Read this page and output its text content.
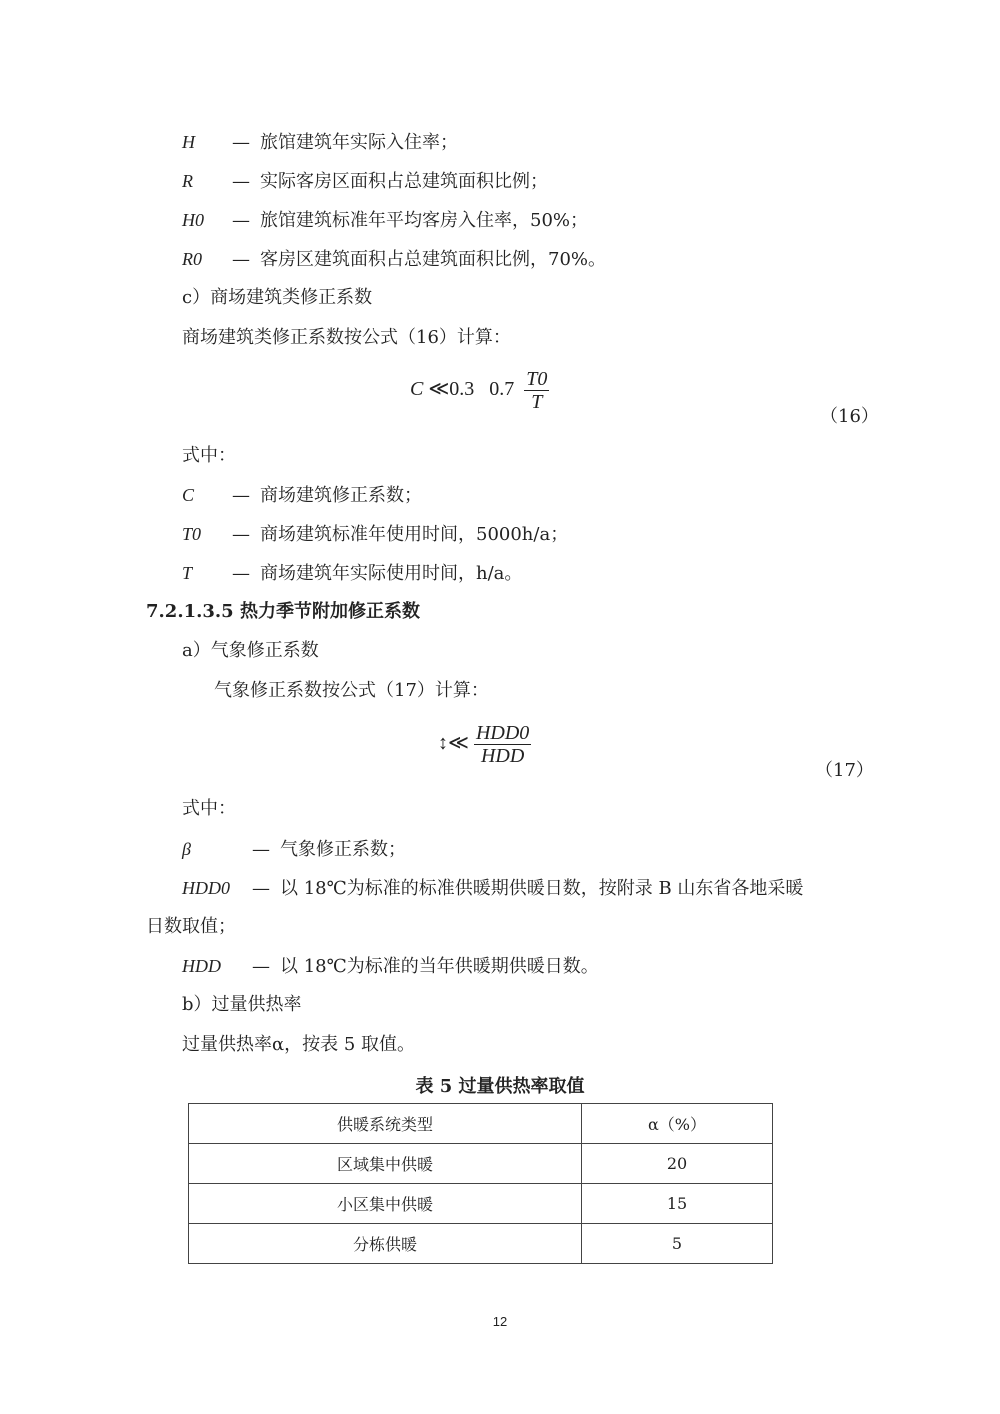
H — 旅馆建筑年实际入住率；
R — 实际客房区面积占总建筑面积比例；
H0 — 旅馆建筑标准年平均客房入住率，50%；
R0 — 客房区建筑面积占总建筑面积比例，70%。
c）商场建筑类修正系数
商场建筑类修正系数按公式（16）计算：
C ≪0.3 $0.7 \frac{T0}{T}$
（16）
式中：
C — 商场建筑修正系数；
T0 — 商场建筑标准年使用时间，5000h/a；
T — 商场建筑年实际使用时间，h/a。
7.2.1.3.5 热力季节附加修正系数
a）气象修正系数
气象修正系数按公式（17）计算：
↕≪ $\frac{\text{HDD0}}{\text{HDD}}$
（17）
式中：
β	— 气象修正系数；
HDD0 — 以 18℃为标准的标准供暖期供暖日数，按附录 B 山东省各地采暖
日数取值；
HDD — 以 18℃为标准的当年供暖期供暖日数。
b）过量供热率
过量供热率α，按表 5 取值。
表 5 过量供热率取值
供暖系统类型	α（%）
区域集中供暖	20
小区集中供暖	15
分栋供暖	5
12
